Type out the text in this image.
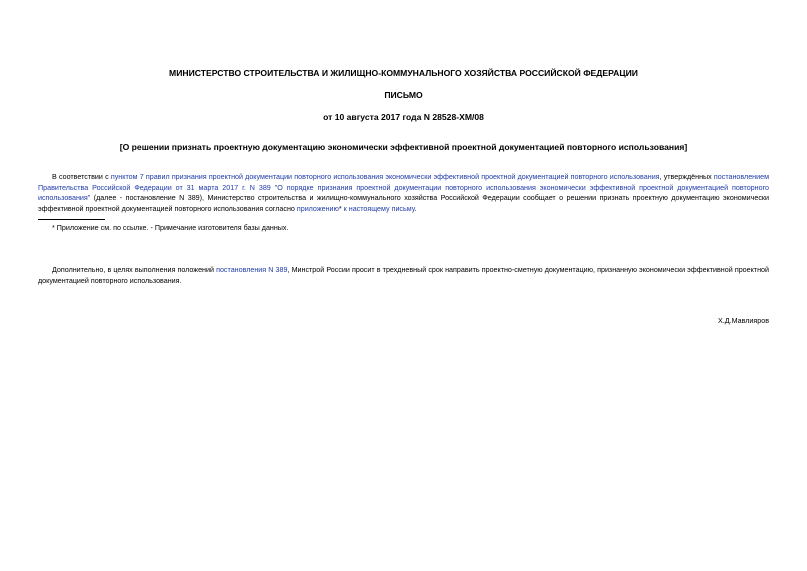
МИНИСТЕРСТВО СТРОИТЕЛЬСТВА И ЖИЛИЩНО-КОММУНАЛЬНОГО ХОЗЯЙСТВА РОССИЙСКОЙ ФЕДЕРАЦИИ
ПИСЬМО
от 10 августа 2017 года N 28528-ХМ/08
[О решении признать проектную документацию экономически эффективной проектной документацией повторного использования]
В соответствии с пунктом 7 правил признания проектной документации повторного использования экономически эффективной проектной документацией повторного использования, утверждённых постановлением Правительства Российской Федерации от 31 марта 2017 г. N 389 "О порядке признания проектной документации повторного использования экономически эффективной проектной документацией повторного использования" (далее - постановление N 389), Министерство строительства и жилищно-коммунального хозяйства Российской Федерации сообщает о решении признать проектную документацию экономически эффективной проектной документацией повторного использования согласно приложению* к настоящему письму.
* Приложение см. по ссылке. - Примечание изготовителя базы данных.
Дополнительно, в целях выполнения положений постановления N 389, Минстрой России просит в трехдневный срок направить проектно-сметную документацию, признанную экономически эффективной проектной документацией повторного использования.
Х.Д.Мавлияров
